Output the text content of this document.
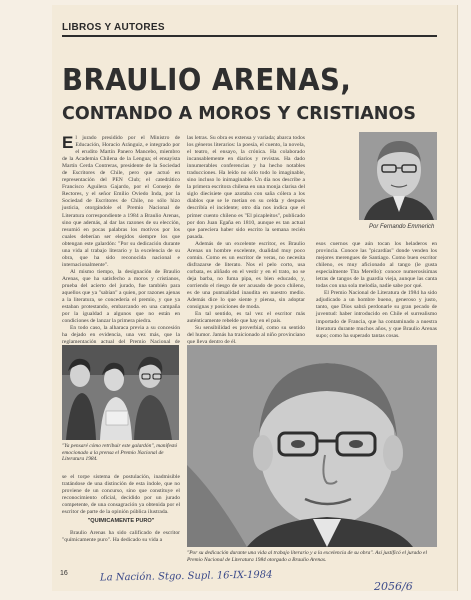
LIBROS Y AUTORES
BRAULIO ARENAS,
CONTANDO A MOROS Y CRISTIANOS

El jurado presidido por el Ministro de Educación, Horacio Aránguiz, e integrado por el erudito Martín Panero Mancebo, miembro de la Academia Chilena de la Lengua; el ensayista Martín Cerda Contreras, presidente de la Sociedad de Escritores de Chile, pero que actuó en representación del PEN Club; el catedrático Francisco Aguilera Gajardo, por el Consejo de Rectores, y el señor Emilio Oviedo Inda, por la Sociedad de Escritores de Chile, no sólo hizo justicia, otorgándole el Premio Nacional de Literatura correspondiente a 1984 a Braulio Arenas, sino que además, al dar las razones de su elección, resumió en pocas palabras los motivos por los cuales deberían ser elegidos siempre los que obtengan este galardón: "Por su dedicación durante una vida al trabajo literario y la excelencia de su obra, que ha sido reconocida nacional e internacionalmente".

Al mismo tiempo, la designación de Braulio Arenas, que ha satisfecho a moros y cristianos, prueba del acierto del jurado, fue también para aquellos que ya "sabían" a quien, por razones ajenas a la literatura, se concedería el premio, y que ya estaban protestando, embarcando en una campaña por la igualdad a algunos que no están en condiciones de lanzar la primera piedra.

En todo caso, la alharaca previa a su concesión ha dejado en evidencia, una vez más, que la reglamentación actual del Premio Nacional de

las letras. Su obra es extensa y variada; abarca todos los géneros literarios: la poesía, el cuento, la novela, el teatro, el ensayo, la crónica. Ha colaborado incansablemente en diarios y revistas. Ha dado innumerables conferencias y ha hecho notables traducciones. Ha leído no sólo todo lo imaginable, sino incluso lo inimaginable. Un día nos describe a la primera escritora chilena en una monja clarisa del siglo diecisiete que azotaba con saña cólera a los diablos que se le metían en su celda y después describía el incidente; otro día nos indica que el primer cuento chileno es "El picapleitos", publicado por don Juan Egaña en 1810, aunque es tan actual que pareciera haber sido escrito la semana recién pasada.

Además de un excelente escritor, es Braulio Arenas un hombre excelente, dualidad muy poco común. Como es un escritor de veras, no necesita disfrazarse de literato. Nos el pelo corto, usa corbata, es aliñado en el vestir y en el trato, no se deja barba, no fuma pipa, es bien educado, y, corriendo el riesgo de ser acusado de poco chileno, es de una puntualidad inaudita en nuestro medio. Además dice lo que siente y piensa, sin adoptar consignas y posiciones de moda.

En tal sentido, es tal vez el escritor más auténticamente rebelde que hay en el país.

Su sensibilidad es proverbial, como su sentido del humor. Jamás ha traicionado al niño provinciano que lleva dentro de él.

Por Fernando Emmerich

esos cuernos que aún tocan los heladeros en provincia. Conoce las "picardías" donde venden los mejores merengues de Santiago. Como buen escritor chileno, es muy aficionado al tango (le gusta especialmente Tita Merello): conoce numerosísimas letras de tangos de la guardia vieja, aunque las canta todas con una sola melodía, nadie sabe por qué.

El Premio Nacional de Literatura de 1984 ha sido adjudicado a un hombre bueno, generoso y justo, tanto, que Dios sabrá perdonarle su gran pecado de juventud: haber introducido en Chile el surrealismo importado de Francia, que ha contaminado a nuestra literatura durante muchos años, y que Braulio Arenas supo; como ha superado tantas cosas.

"Ya pensaré cómo retribuir este galardón", manifestó emocionado a la prensa el Premio Nacional de Literatura 1984.
"Por su dedicación durante una vida al trabajo literario y a la excelencia de su obra". Así justificó el jurado el Premio Nacional de Literatura 1984 otorgado a Braulio Arenas.

se el torpe sistema de postulación, inadmisible tratándose de una distinción de esta índole, que no proviene de un concurso, sino que constituye el reconocimiento oficial, decidido por un jurado competente, de una consagración ya obtenida por el escritor de parte de la opinión pública ilustrada.

"QUIMICAMENTE PURO"

Braulio Arenas ha sido calificado de escritor "químicamente puro". Ha dedicado su vida a

16	La Nación. Stgo. Supl. 16-IX-1984
2056/6
